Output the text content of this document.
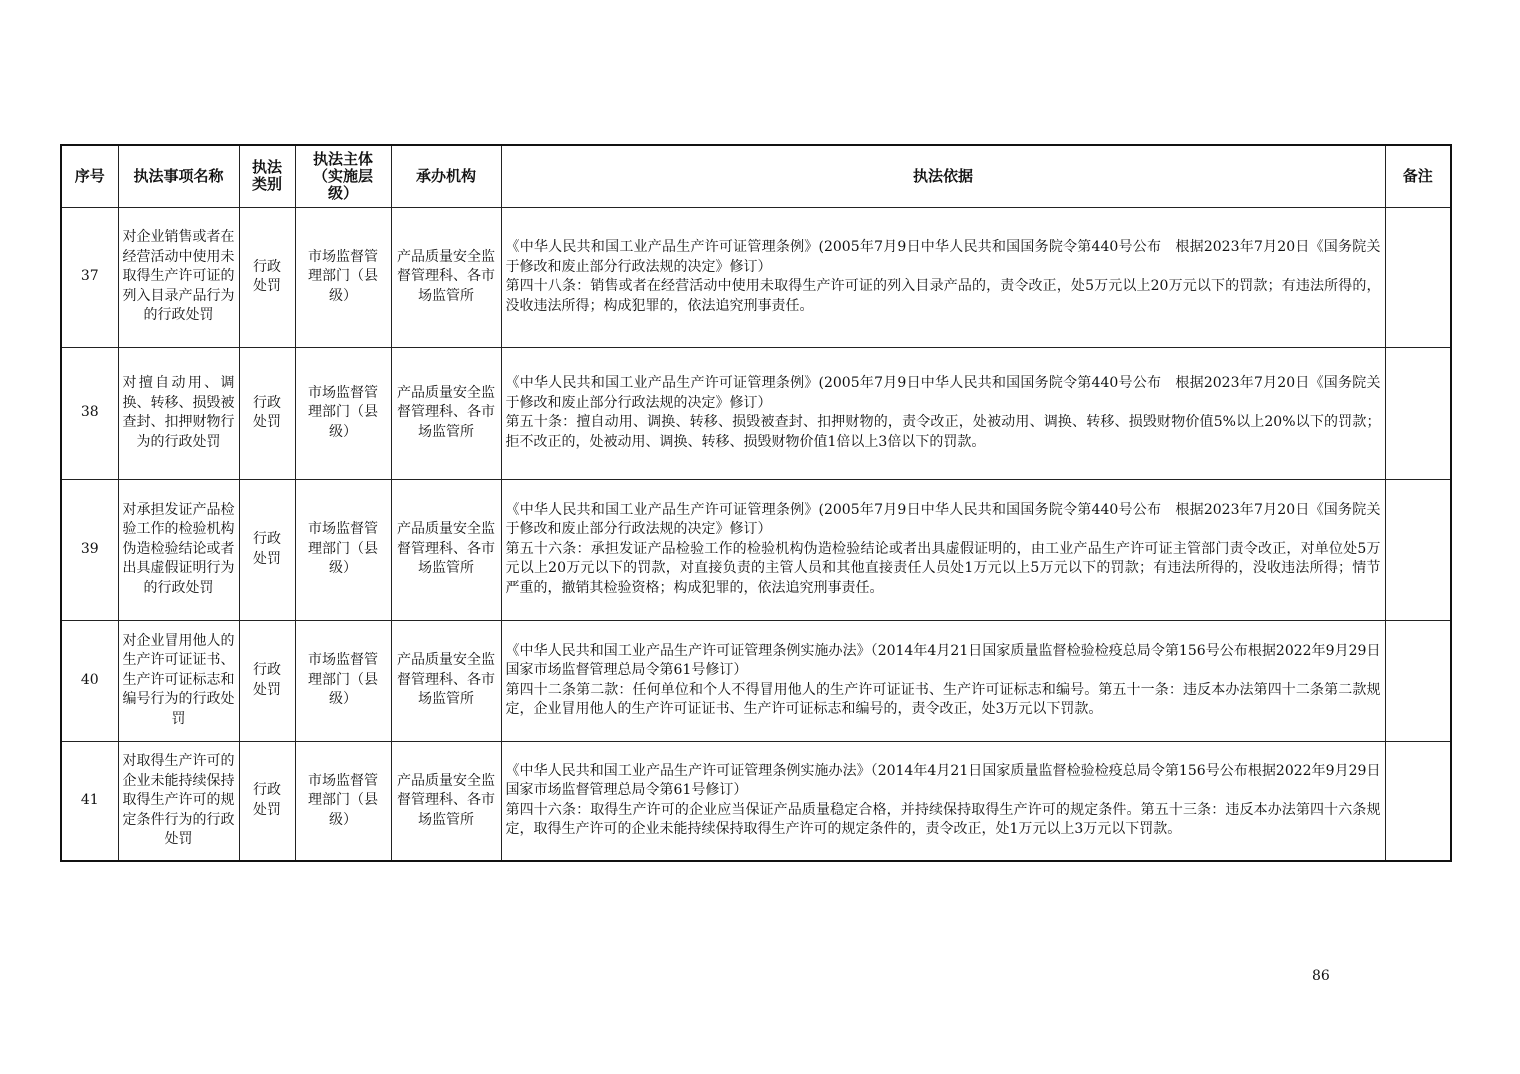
序号	执法事项名称	执法类别	执法主体（实施层级）	承办机构	执法依据	备注
37	对企业销售或者在经营活动中使用未取得生产许可证的列入目录产品行为的行政处罚	行政处罚	市场监督管理部门（县级）	产品质量安全监督管理科、各市场监管所	《中华人民共和国工业产品生产许可证管理条例》(2005年7月9日中华人民共和国国务院令第440号公布　根据2023年7月20日《国务院关于修改和废止部分行政法规的决定》修订）
第四十八条：销售或者在经营活动中使用未取得生产许可证的列入目录产品的，责令改正，处5万元以上20万元以下的罚款；有违法所得的，没收违法所得；构成犯罪的，依法追究刑事责任。	
38	对擅自动用、调换、转移、损毁被查封、扣押财物行为的行政处罚	行政处罚	市场监督管理部门（县级）	产品质量安全监督管理科、各市场监管所	《中华人民共和国工业产品生产许可证管理条例》(2005年7月9日中华人民共和国国务院令第440号公布　根据2023年7月20日《国务院关于修改和废止部分行政法规的决定》修订）
第五十条：擅自动用、调换、转移、损毁被查封、扣押财物的，责令改正，处被动用、调换、转移、损毁财物价值5%以上20%以下的罚款；拒不改正的，处被动用、调换、转移、损毁财物价值1倍以上3倍以下的罚款。	
39	对承担发证产品检验工作的检验机构伪造检验结论或者出具虚假证明行为的行政处罚	行政处罚	市场监督管理部门（县级）	产品质量安全监督管理科、各市场监管所	《中华人民共和国工业产品生产许可证管理条例》(2005年7月9日中华人民共和国国务院令第440号公布　根据2023年7月20日《国务院关于修改和废止部分行政法规的决定》修订）
第五十六条：承担发证产品检验工作的检验机构伪造检验结论或者出具虚假证明的，由工业产品生产许可证主管部门责令改正，对单位处5万元以上20万元以下的罚款，对直接负责的主管人员和其他直接责任人员处1万元以上5万元以下的罚款；有违法所得的，没收违法所得；情节严重的，撤销其检验资格；构成犯罪的，依法追究刑事责任。	
40	对企业冒用他人的生产许可证证书、生产许可证标志和编号行为的行政处罚	行政处罚	市场监督管理部门（县级）	产品质量安全监督管理科、各市场监管所	《中华人民共和国工业产品生产许可证管理条例实施办法》（2014年4月21日国家质量监督检验检疫总局令第156号公布根据2022年9月29日国家市场监督管理总局令第61号修订）
第四十二条第二款：任何单位和个人不得冒用他人的生产许可证证书、生产许可证标志和编号。第五十一条：违反本办法第四十二条第二款规定，企业冒用他人的生产许可证证书、生产许可证标志和编号的，责令改正，处3万元以下罚款。	
41	对取得生产许可的企业未能持续保持取得生产许可的规定条件行为的行政处罚	行政处罚	市场监督管理部门（县级）	产品质量安全监督管理科、各市场监管所	《中华人民共和国工业产品生产许可证管理条例实施办法》（2014年4月21日国家质量监督检验检疫总局令第156号公布根据2022年9月29日国家市场监督管理总局令第61号修订）
第四十六条：取得生产许可的企业应当保证产品质量稳定合格，并持续保持取得生产许可的规定条件。第五十三条：违反本办法第四十六条规定，取得生产许可的企业未能持续保持取得生产许可的规定条件的，责令改正，处1万元以上3万元以下罚款。	
86
